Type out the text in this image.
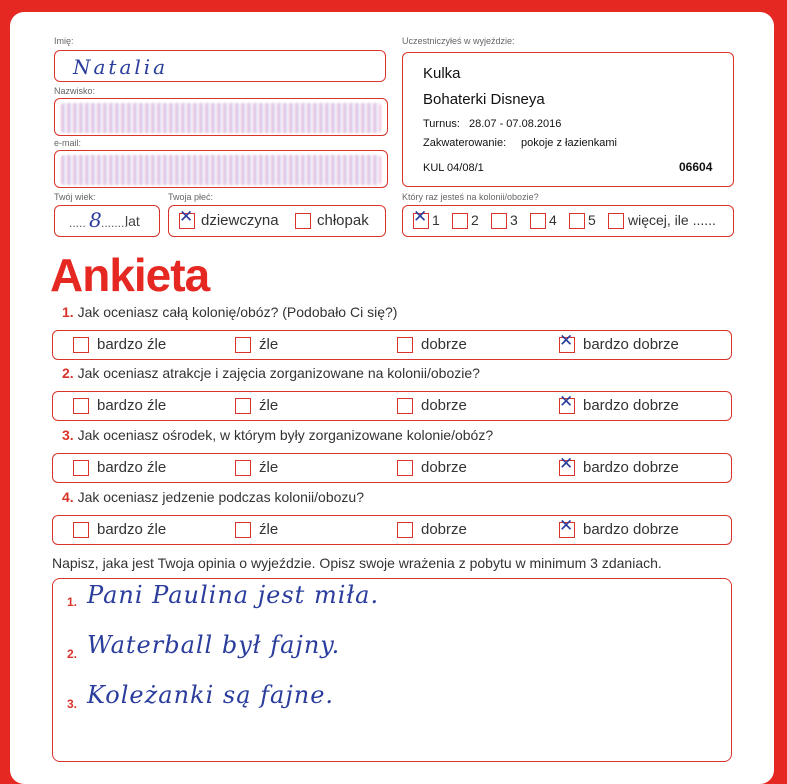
Imię:
Natalia
Nazwisko:
e-mail:
Twój wiek:
..... 8 ........
lat
Twoja płeć:
✕ dziewczyna	chłopak
Uczestniczyłeś w wyjeździe:
Kulka
Bohaterki Disneya
Turnus: 28.07 - 07.08.2016
Zakwaterowanie: pokoje z łazienkami
KUL 04/08/1	06604
Który raz jesteś na kolonii/obozie?
✕ 1 2 3 4 5 więcej, ile ......
Ankieta
1. Jak oceniasz całą kolonię/obóz? (Podobało Ci się?)
bardzo źle	źle	dobrze	✕ bardzo dobrze
2. Jak oceniasz atrakcje i zajęcia zorganizowane na kolonii/obozie?
bardzo źle	źle	dobrze	✕ bardzo dobrze
3. Jak oceniasz ośrodek, w którym były zorganizowane kolonie/obóz?
bardzo źle	źle	dobrze	✕ bardzo dobrze
4. Jak oceniasz jedzenie podczas kolonii/obozu?
bardzo źle	źle	dobrze	✕ bardzo dobrze
Napisz, jaka jest Twoja opinia o wyjeździe. Opisz swoje wrażenia z pobytu w minimum 3 zdaniach.
1. Pani Paulina jest miła.
2. Waterball był fajny.
3. Koleżanki są fajne.
